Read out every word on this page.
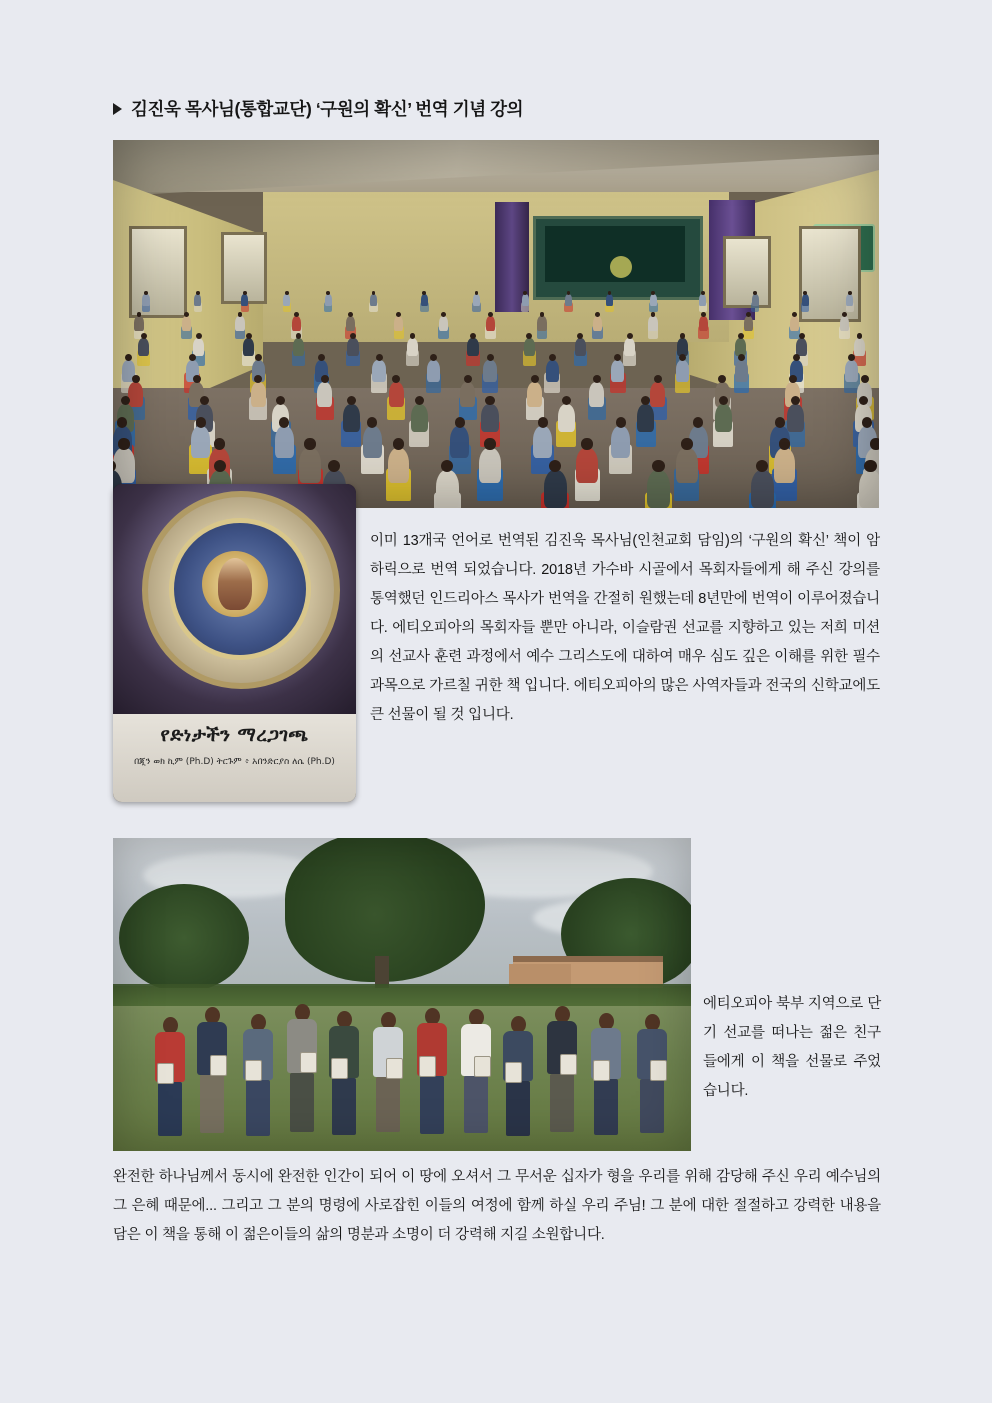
김진욱 목사님(통합교단) ‘구원의 확신’ 번역 기념 강의
የድነታችን ማረጋገጫ
በጂን ወክ ኪም (Ph.D) ትርጉም ፥ አበንድርያስ ለሴ (Ph.D)

이미 13개국 언어로 번역된 김진욱 목사님(인천교회 담임)의 ‘구원의 확신’ 책이 암하릭으로 번역 되었습니다. 2018년 가수바 시골에서 목회자들에게 해 주신 강의를 통역했던 인드리아스 목사가 번역을 간절히 원했는데 8년만에 번역이 이루어졌습니다. 에티오피아의 목회자들 뿐만 아니라, 이슬람권 선교를 지향하고 있는 저희 미션의 선교사 훈련 과정에서 예수 그리스도에 대하여 매우 심도 깊은 이해를 위한 필수 과목으로 가르칠 귀한 책 입니다. 에티오피아의 많은 사역자들과 전국의 신학교에도 큰 선물이 될 것 입니다.

에티오피아 북부 지역으로 단기 선교를 떠나는 젊은 친구들에게 이 책을 선물로 주었습니다.

완전한 하나님께서 동시에 완전한 인간이 되어 이 땅에 오셔서 그 무서운 십자가 형을 우리를 위해 감당해 주신 우리 예수님의 그 은혜 때문에... 그리고 그 분의 명령에 사로잡힌 이들의 여정에 함께 하실 우리 주님! 그 분에 대한 절절하고 강력한 내용을 담은 이 책을 통해 이 젊은이들의 삶의 명분과 소명이 더 강력해 지길 소원합니다.
